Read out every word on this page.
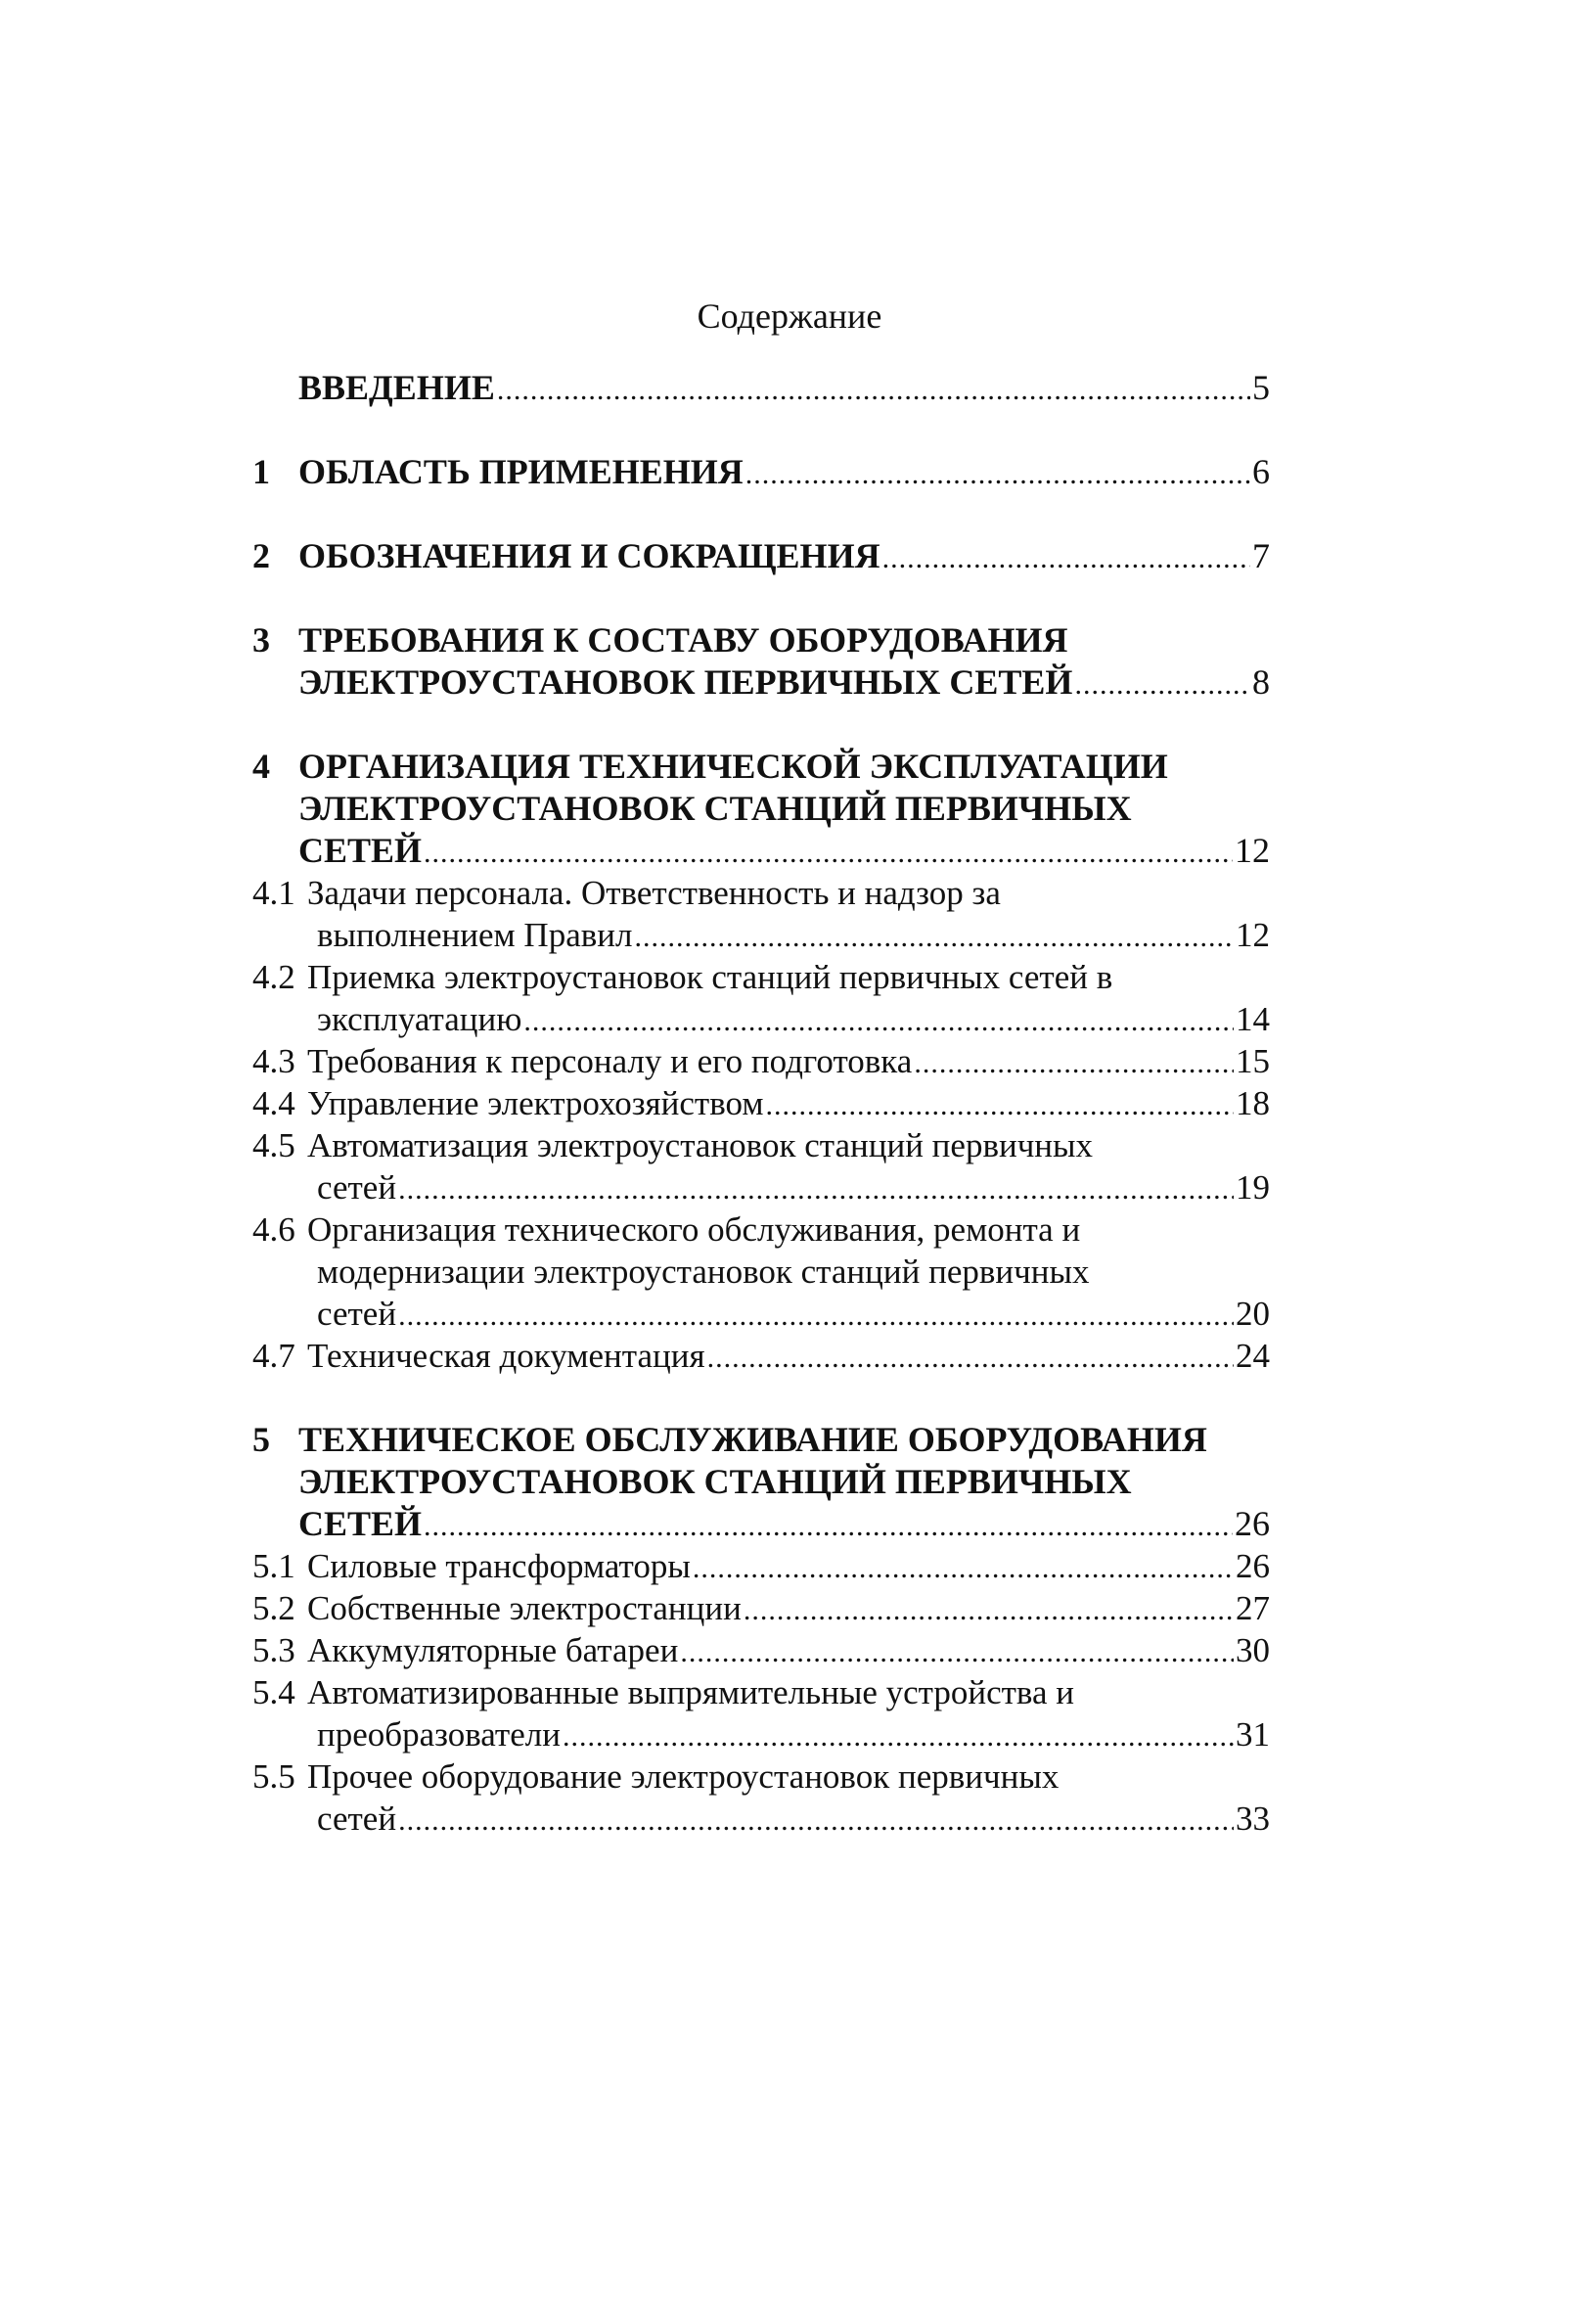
Содержание
ВВЕДЕНИЕ .....	5
1 ОБЛАСТЬ ПРИМЕНЕНИЯ .....	6
2 ОБОЗНАЧЕНИЯ И СОКРАЩЕНИЯ .....	7
3 ТРЕБОВАНИЯ К СОСТАВУ ОБОРУДОВАНИЯ
ЭЛЕКТРОУСТАНОВОК ПЕРВИЧНЫХ СЕТЕЙ .....	8
4 ОРГАНИЗАЦИЯ ТЕХНИЧЕСКОЙ ЭКСПЛУАТАЦИИ
ЭЛЕКТРОУСТАНОВОК СТАНЦИЙ ПЕРВИЧНЫХ
СЕТЕЙ .....	12
4.1 Задачи персонала. Ответственность и надзор за
выполнением Правил .....	12
4.2 Приемка электроустановок станций первичных сетей в
эксплуатацию .....	14
4.3 Требования к персоналу и его подготовка .....	15
4.4 Управление электрохозяйством .....	18
4.5 Автоматизация электроустановок станций первичных
сетей .....	19
4.6 Организация технического обслуживания, ремонта и
модернизации электроустановок станций первичных
сетей .....	20
4.7 Техническая документация .....	24
5 ТЕХНИЧЕСКОЕ ОБСЛУЖИВАНИЕ ОБОРУДОВАНИЯ
ЭЛЕКТРОУСТАНОВОК СТАНЦИЙ ПЕРВИЧНЫХ
СЕТЕЙ .....	26
5.1 Силовые трансформаторы .....	26
5.2 Собственные электростанции .....	27
5.3 Аккумуляторные батареи .....	30
5.4 Автоматизированные выпрямительные устройства и
преобразователи .....	31
5.5 Прочее оборудование электроустановок первичных
сетей .....	33
